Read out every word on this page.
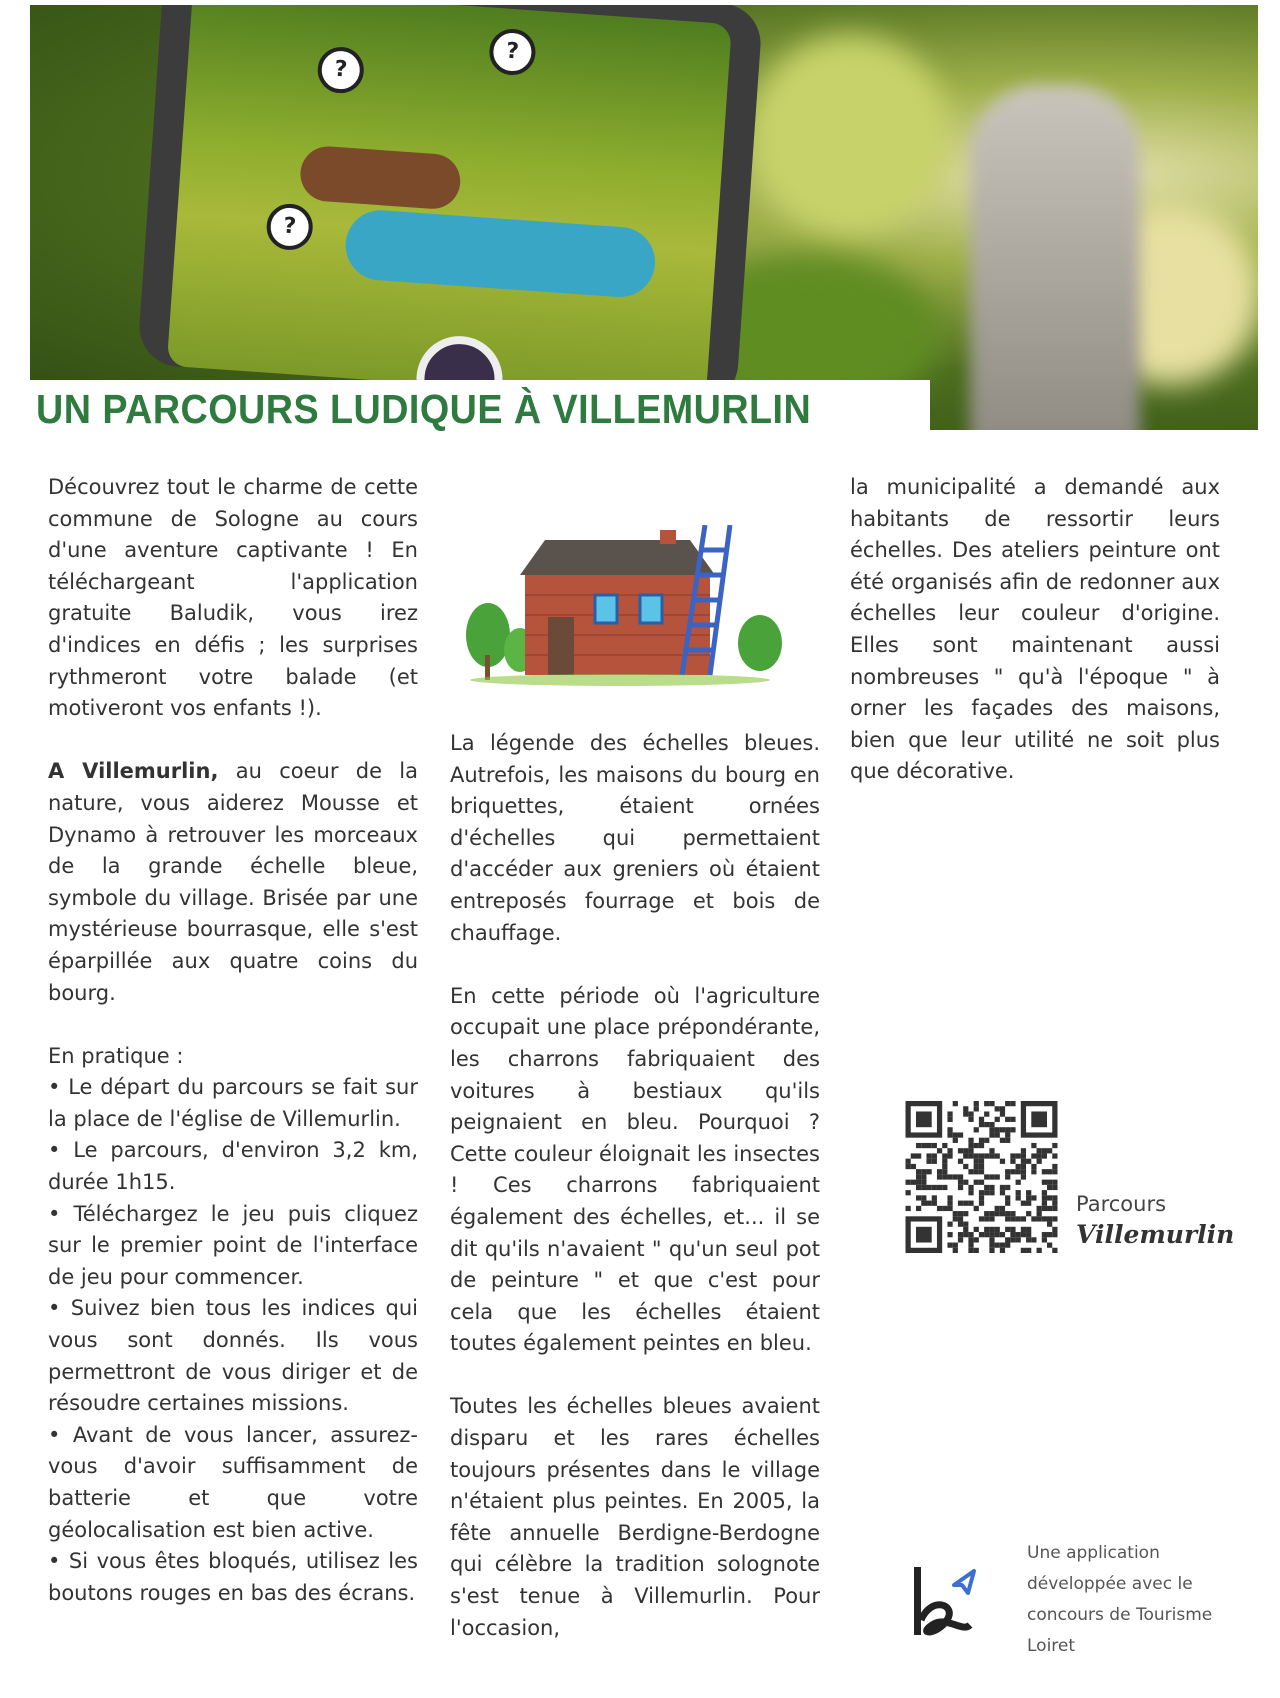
?
?
?
UN PARCOURS LUDIQUE À VILLEMURLIN

Découvrez tout le charme de cette commune de Sologne au cours d'une aventure captivante ! En téléchargeant l'application gratuite Baludik, vous irez d'indices en défis ; les surprises rythmeront votre balade (et motiveront vos enfants !).

A Villemurlin, au coeur de la nature, vous aiderez Mousse et Dynamo à retrouver les morceaux de la grande échelle bleue, symbole du village. Brisée par une mystérieuse bourrasque, elle s'est éparpillée aux quatre coins du bourg.

En pratique :
• Le départ du parcours se fait sur la place de l'église de Villemurlin.
• Le parcours, d'environ 3,2 km, durée 1h15.
• Téléchargez le jeu puis cliquez sur le premier point de l'interface de jeu pour commencer.
• Suivez bien tous les indices qui vous sont donnés. Ils vous permettront de vous diriger et de résoudre certaines missions.
• Avant de vous lancer, assurez-vous d'avoir suffisamment de batterie et que votre géolocalisation est bien active.
• Si vous êtes bloqués, utilisez les boutons rouges en bas des écrans.

La légende des échelles bleues. Autrefois, les maisons du bourg en briquettes, étaient ornées d'échelles qui permettaient d'accéder aux greniers où étaient entreposés fourrage et bois de chauffage.

En cette période où l'agriculture occupait une place prépondérante, les charrons fabriquaient des voitures à bestiaux qu'ils peignaient en bleu. Pourquoi ? Cette couleur éloignait les insectes ! Ces charrons fabriquaient également des échelles, et... il se dit qu'ils n'avaient " qu'un seul pot de peinture " et que c'est pour cela que les échelles étaient toutes également peintes en bleu.

Toutes les échelles bleues avaient disparu et les rares échelles toujours présentes dans le village n'étaient plus peintes. En 2005, la fête annuelle Berdigne-Berdogne qui célèbre la tradition solognote s'est tenue à Villemurlin. Pour l'occasion,

la municipalité a demandé aux habitants de ressortir leurs échelles. Des ateliers peinture ont été organisés afin de redonner aux échelles leur couleur d'origine. Elles sont maintenant aussi nombreuses " qu'à l'époque " à orner les façades des maisons, bien que leur utilité ne soit plus que décorative.

Parcours
Villemurlin
Une application développée avec le concours de Tourisme Loiret
